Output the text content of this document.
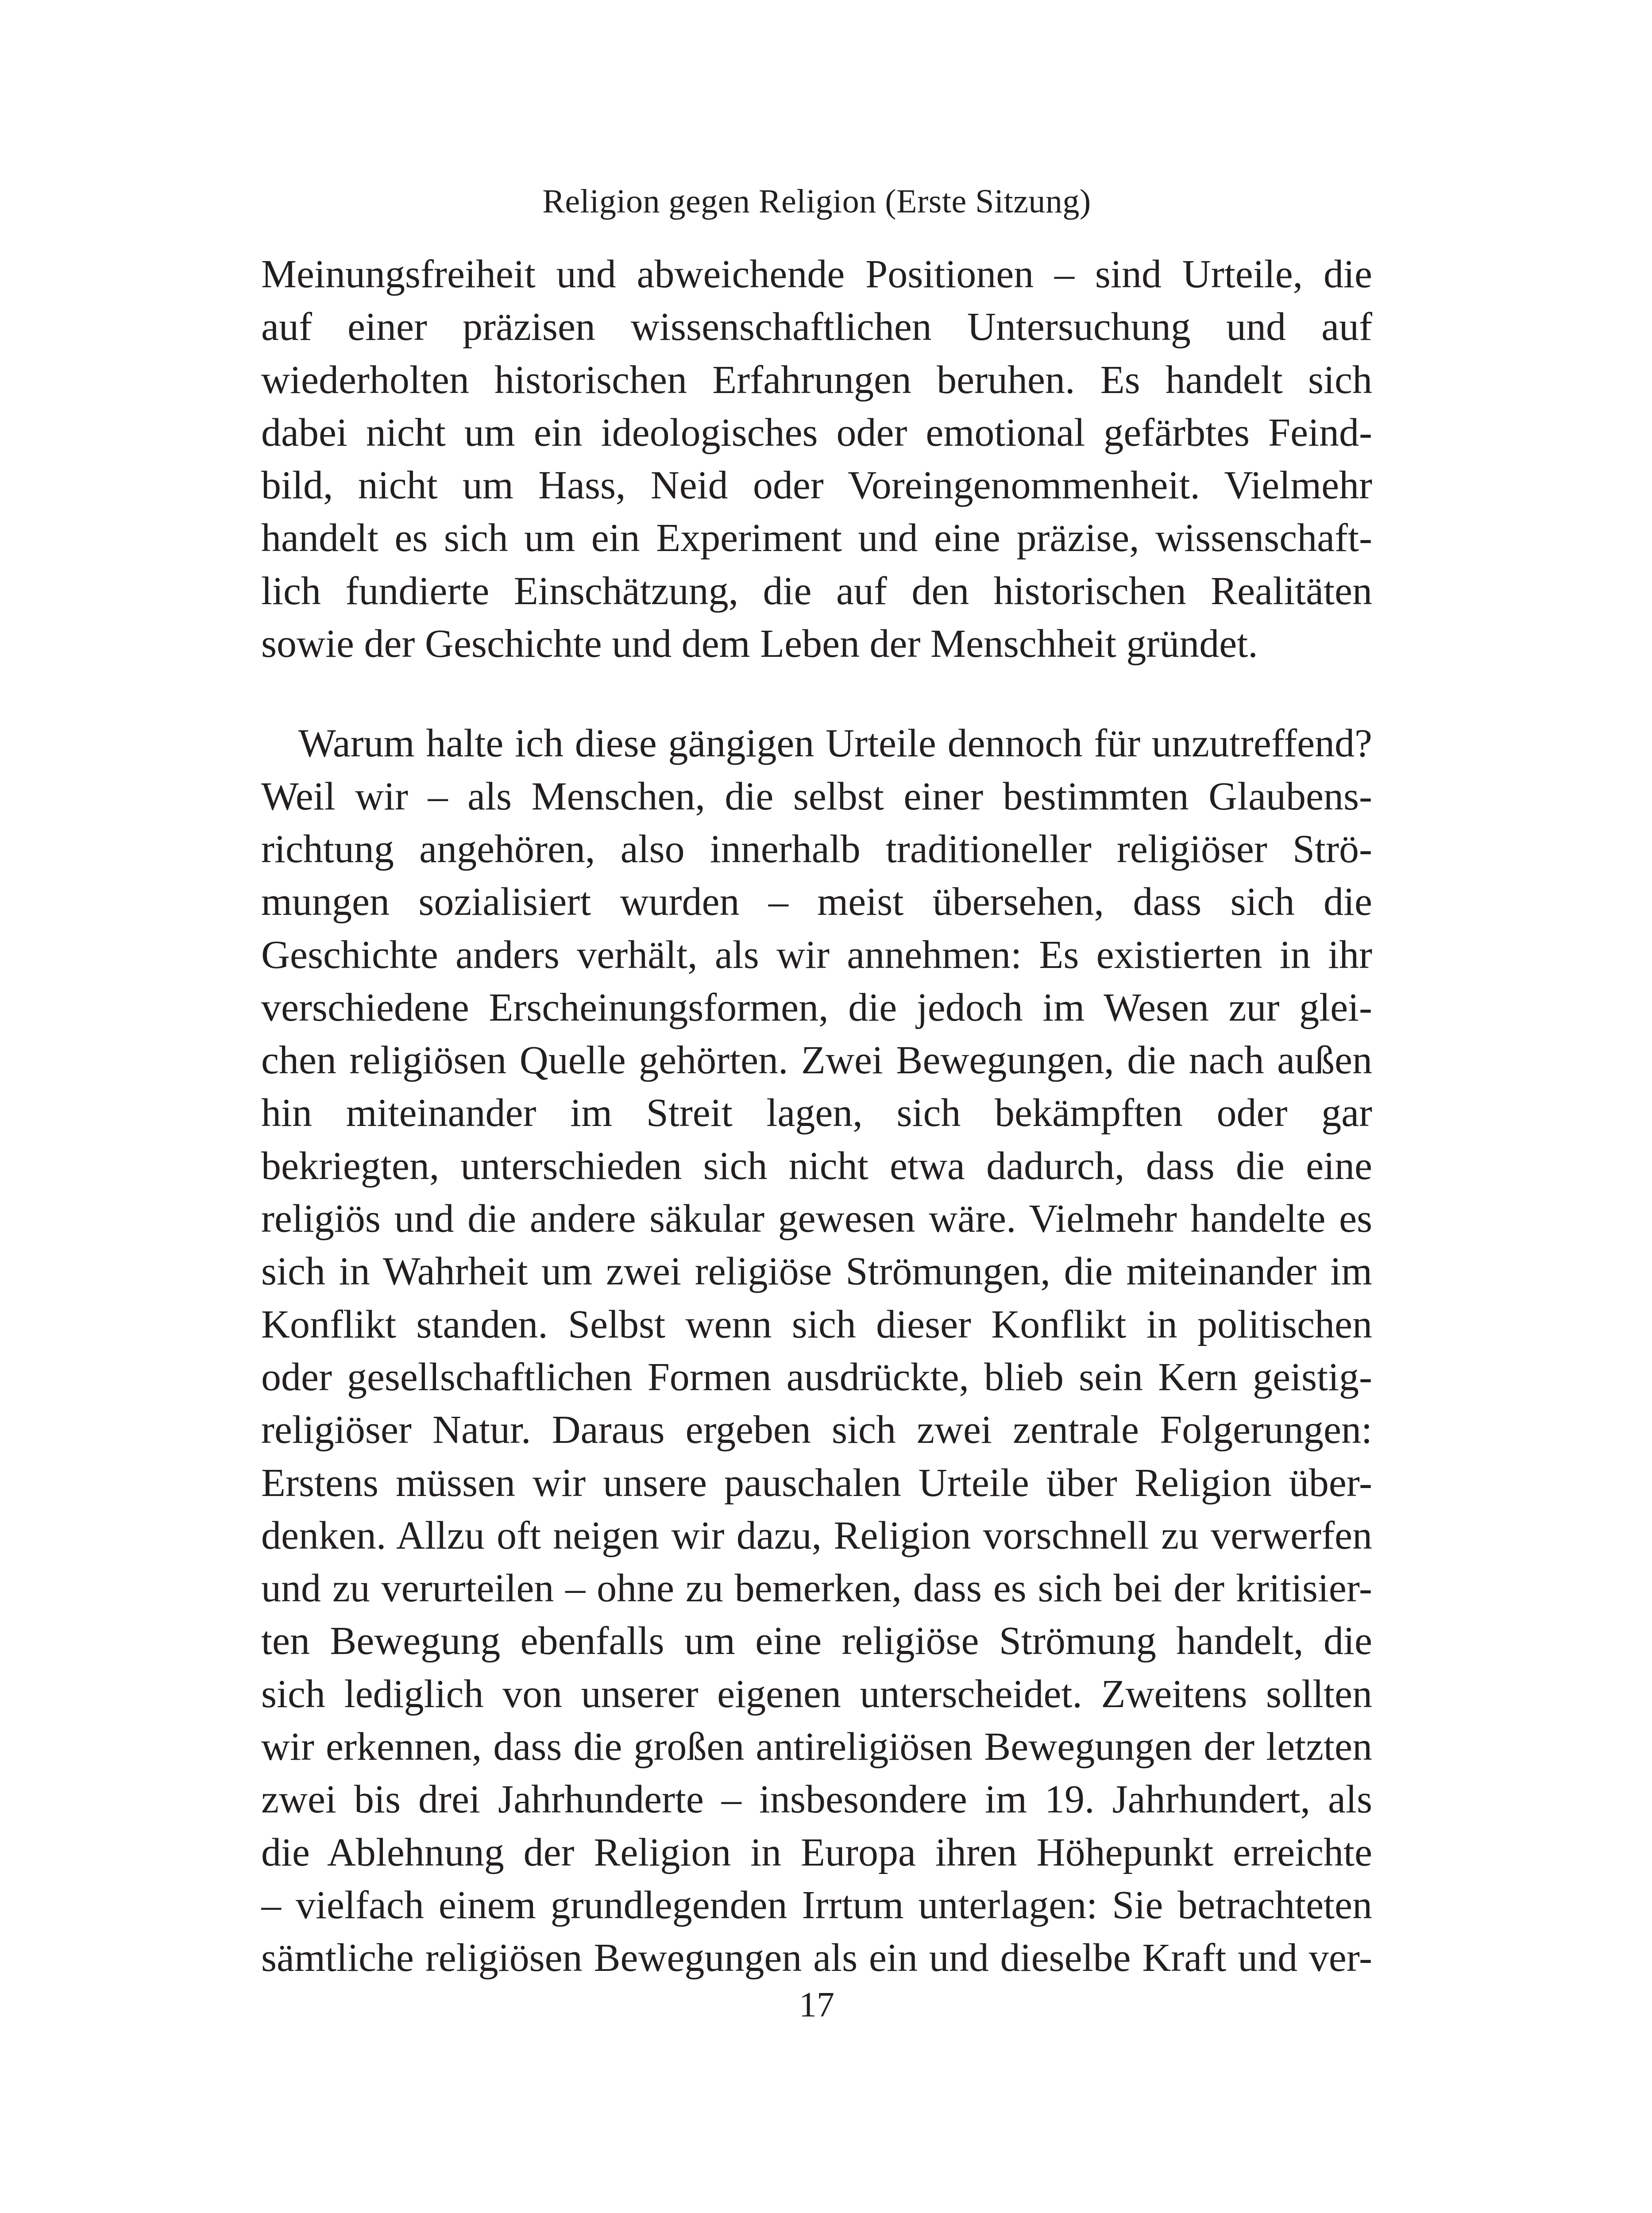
Religion gegen Religion (Erste Sitzung)
Meinungsfreiheit und abweichende Positionen – sind Urteile, die
auf einer präzisen wissenschaftlichen Untersuchung und auf
wiederholten historischen Erfahrungen beruhen. Es handelt sich
dabei nicht um ein ideologisches oder emotional gefärbtes Feind-
bild, nicht um Hass, Neid oder Voreingenommenheit. Vielmehr
handelt es sich um ein Experiment und eine präzise, wissenschaft-
lich fundierte Einschätzung, die auf den historischen Realitäten
sowie der Geschichte und dem Leben der Menschheit gründet.
Warum halte ich diese gängigen Urteile dennoch für unzutreffend?
Weil wir – als Menschen, die selbst einer bestimmten Glaubens-
richtung angehören, also innerhalb traditioneller religiöser Strö-
mungen sozialisiert wurden – meist übersehen, dass sich die
Geschichte anders verhält, als wir annehmen: Es existierten in ihr
verschiedene Erscheinungsformen, die jedoch im Wesen zur glei-
chen religiösen Quelle gehörten. Zwei Bewegungen, die nach außen
hin miteinander im Streit lagen, sich bekämpften oder gar
bekriegten, unterschieden sich nicht etwa dadurch, dass die eine
religiös und die andere säkular gewesen wäre. Vielmehr handelte es
sich in Wahrheit um zwei religiöse Strömungen, die miteinander im
Konflikt standen. Selbst wenn sich dieser Konflikt in politischen
oder gesellschaftlichen Formen ausdrückte, blieb sein Kern geistig-
religiöser Natur. Daraus ergeben sich zwei zentrale Folgerungen:
Erstens müssen wir unsere pauschalen Urteile über Religion über-
denken. Allzu oft neigen wir dazu, Religion vorschnell zu verwerfen
und zu verurteilen – ohne zu bemerken, dass es sich bei der kritisier-
ten Bewegung ebenfalls um eine religiöse Strömung handelt, die
sich lediglich von unserer eigenen unterscheidet. Zweitens sollten
wir erkennen, dass die großen antireligiösen Bewegungen der letzten
zwei bis drei Jahrhunderte – insbesondere im 19. Jahrhundert, als
die Ablehnung der Religion in Europa ihren Höhepunkt erreichte
– vielfach einem grundlegenden Irrtum unterlagen: Sie betrachteten
sämtliche religiösen Bewegungen als ein und dieselbe Kraft und ver-
17
